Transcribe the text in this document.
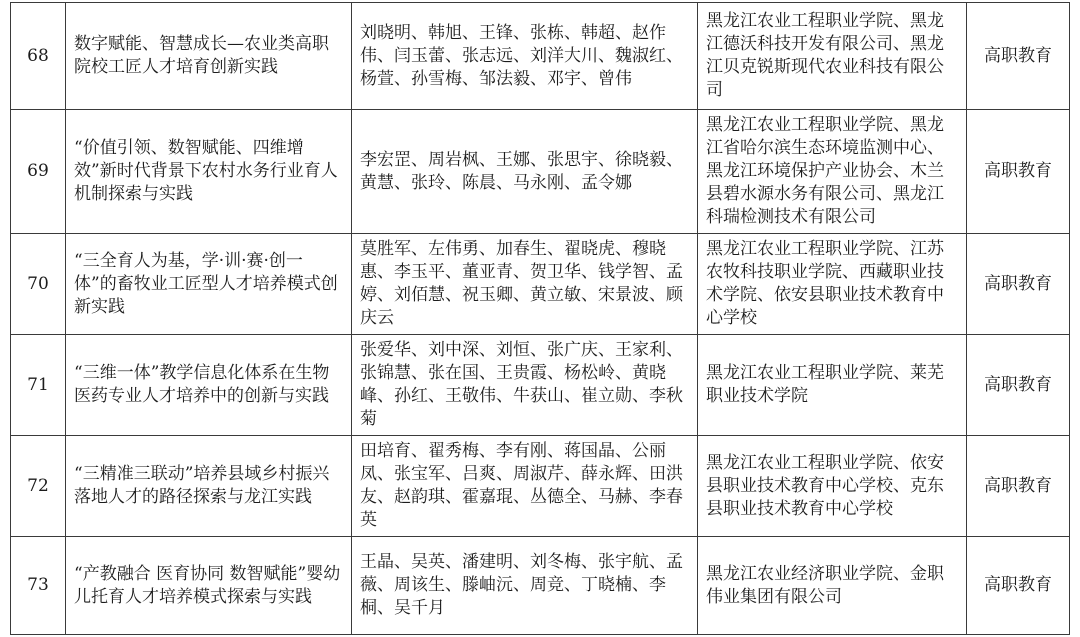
68	数字赋能、智慧成长—农业类高职院校工匠人才培育创新实践	刘晓明、韩旭、王锋、张栋、韩超、赵作伟、闫玉蕾、张志远、刘洋大川、魏淑红、杨萱、孙雪梅、邹法毅、邓宇、曾伟	黑龙江农业工程职业学院、黑龙江德沃科技开发有限公司、黑龙江贝克锐斯现代农业科技有限公司	高职教育

69	“价值引领、数智赋能、四维增效”新时代背景下农村水务行业育人机制探索与实践	李宏罡、周岩枫、王娜、张思宇、徐晓毅、黄慧、张玲、陈晨、马永刚、孟令娜	黑龙江农业工程职业学院、黑龙江省哈尔滨生态环境监测中心、黑龙江环境保护产业协会、木兰县碧水源水务有限公司、黑龙江科瑞检测技术有限公司	高职教育

70	“三全育人为基，学·训·赛·创一体”的畜牧业工匠型人才培养模式创新实践	莫胜军、左伟勇、加春生、翟晓虎、穆晓惠、李玉平、董亚青、贺卫华、钱学智、孟婷、刘佰慧、祝玉卿、黄立敏、宋景波、顾庆云	黑龙江农业工程职业学院、江苏农牧科技职业学院、西藏职业技术学院、依安县职业技术教育中心学校	高职教育

71	“三维一体”教学信息化体系在生物医药专业人才培养中的创新与实践	张爱华、刘中深、刘恒、张广庆、王家利、张锦慧、张在国、王贵霞、杨松岭、黄晓峰、孙红、王敬伟、牛获山、崔立勋、李秋菊	黑龙江农业工程职业学院、莱芜职业技术学院	高职教育

72	“三精准三联动”培养县域乡村振兴落地人才的路径探索与龙江实践	田培育、翟秀梅、李有刚、蒋国晶、公丽凤、张宝军、吕爽、周淑芹、薛永辉、田洪友、赵韵琪、霍嘉琨、丛德全、马赫、李春英	黑龙江农业工程职业学院、依安县职业技术教育中心学校、克东县职业技术教育中心学校	高职教育

73	“产教融合 医育协同 数智赋能”婴幼儿托育人才培养模式探索与实践	王晶、吴英、潘建明、刘冬梅、张宇航、孟薇、周该生、滕岫沅、周竞、丁晓楠、李桐、吴千月	黑龙江农业经济职业学院、金职伟业集团有限公司	高职教育
